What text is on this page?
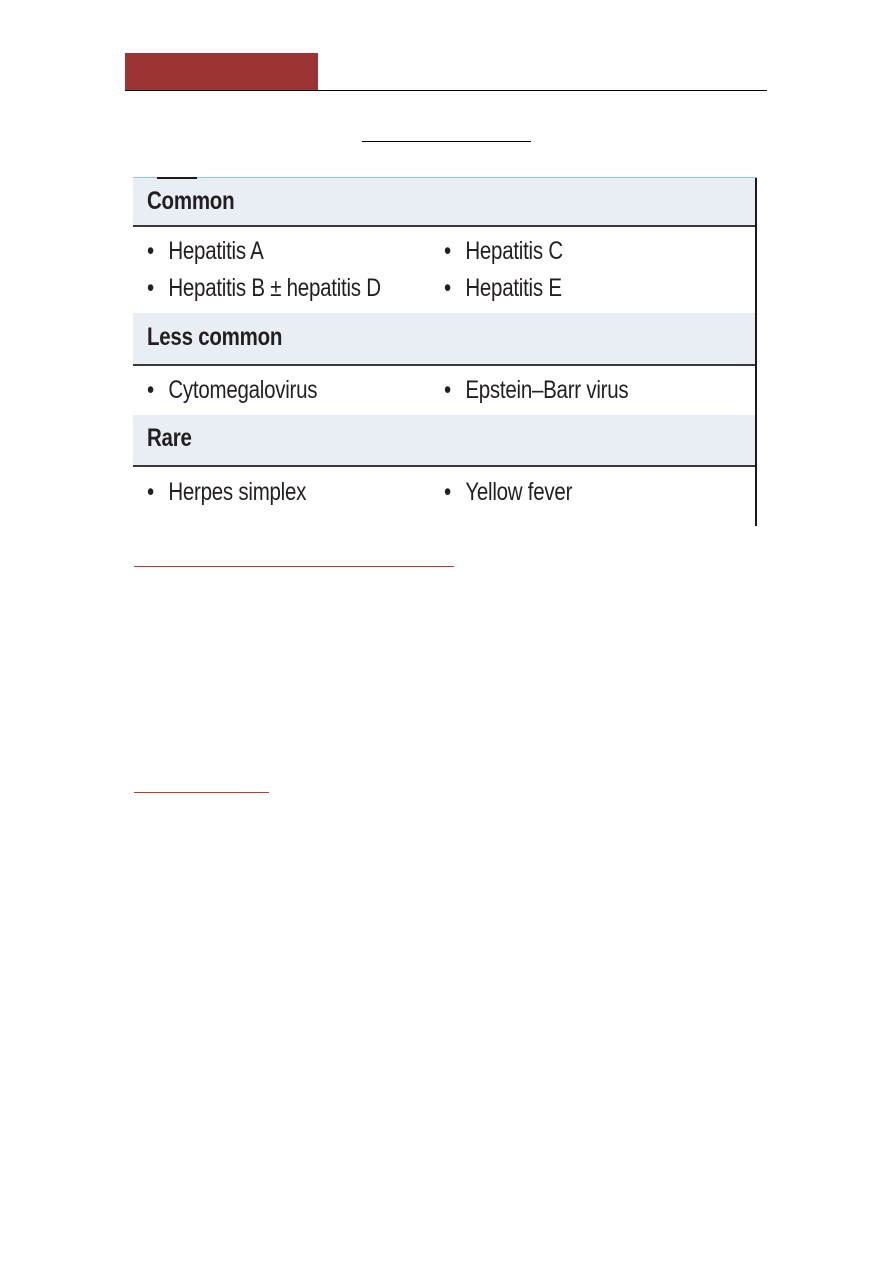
Common
• Hepatitis A	• Hepatitis C
• Hepatitis B ± hepatitis D	• Hepatitis E
Less common
• Cytomegalovirus	• Epstein–Barr virus
Rare
• Herpes simplex	• Yellow fever
